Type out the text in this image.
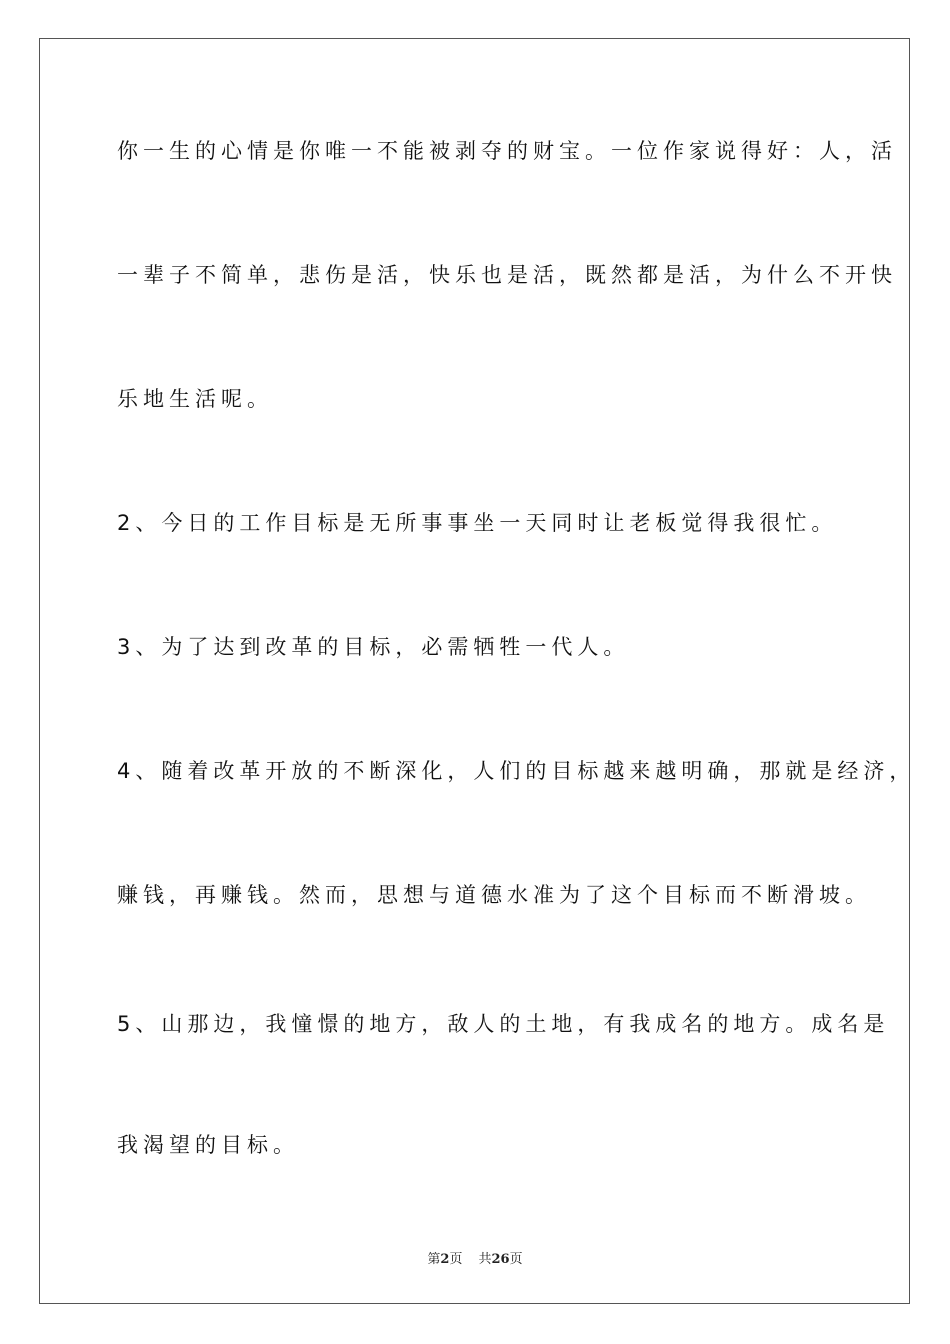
你一生的心情是你唯一不能被剥夺的财宝。一位作家说得好：人，活

一辈子不简单，悲伤是活，快乐也是活，既然都是活，为什么不开快

乐地生活呢。

2、今日的工作目标是无所事事坐一天同时让老板觉得我很忙。

3、为了达到改革的目标，必需牺牲一代人。

4、随着改革开放的不断深化，人们的目标越来越明确，那就是经济，

赚钱，再赚钱。然而，思想与道德水准为了这个目标而不断滑坡。

5、山那边，我憧憬的地方，敌人的土地，有我成名的地方。成名是

我渴望的目标。

第2页 共26页
